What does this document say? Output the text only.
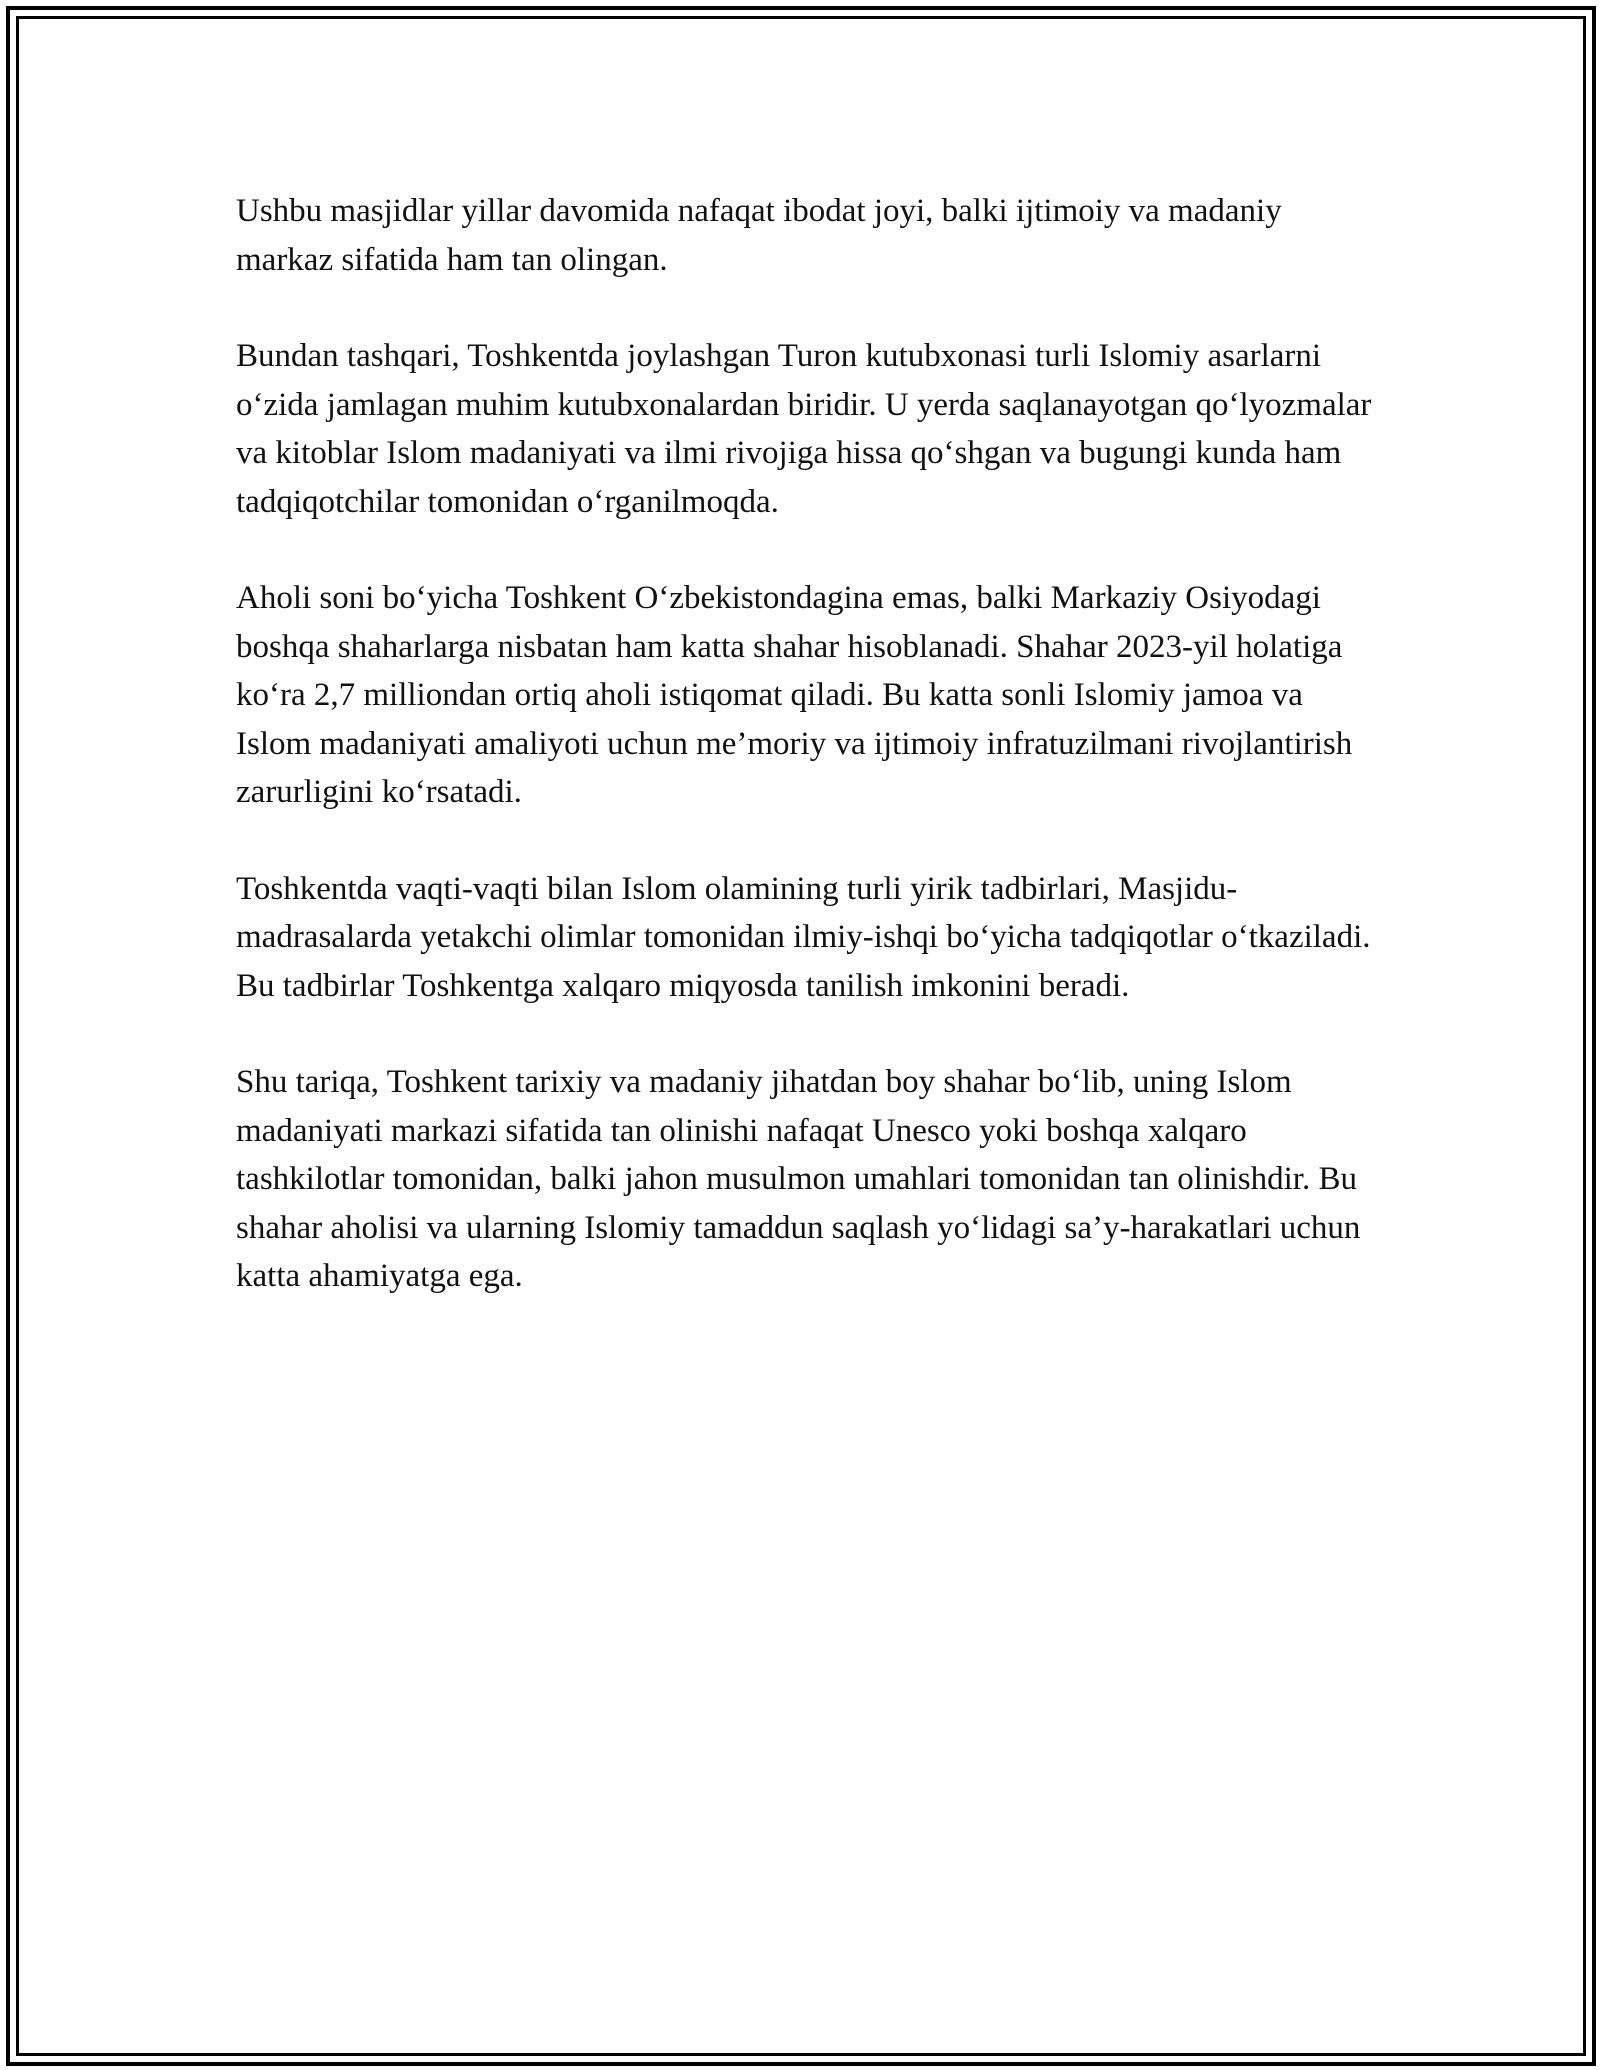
Ushbu masjidlar yillar davomida nafaqat ibodat joyi, balki ijtimoiy va madaniy markaz sifatida ham tan olingan.

Bundan tashqari, Toshkentda joylashgan Turon kutubxonasi turli Islomiy asarlarni o‘zida jamlagan muhim kutubxonalardan biridir. U yerda saqlanayotgan qo‘lyozmalar va kitoblar Islom madaniyati va ilmi rivojiga hissa qo‘shgan va bugungi kunda ham tadqiqotchilar tomonidan o‘rganilmoqda.

Aholi soni bo‘yicha Toshkent O‘zbekistondagina emas, balki Markaziy Osiyodagi boshqa shaharlarga nisbatan ham katta shahar hisoblanadi. Shahar 2023-yil holatiga ko‘ra 2,7 milliondan ortiq aholi istiqomat qiladi. Bu katta sonli Islomiy jamoa va Islom madaniyati amaliyoti uchun me’moriy va ijtimoiy infratuzilmani rivojlantirish zarurligini ko‘rsatadi.

Toshkentda vaqti-vaqti bilan Islom olamining turli yirik tadbirlari, Masjidu-madrasalarda yetakchi olimlar tomonidan ilmiy-ishqi bo‘yicha tadqiqotlar o‘tkaziladi. Bu tadbirlar Toshkentga xalqaro miqyosda tanilish imkonini beradi.

Shu tariqa, Toshkent tarixiy va madaniy jihatdan boy shahar bo‘lib, uning Islom madaniyati markazi sifatida tan olinishi nafaqat Unesco yoki boshqa xalqaro tashkilotlar tomonidan, balki jahon musulmon umahlari tomonidan tan olinishdir. Bu shahar aholisi va ularning Islomiy tamaddun saqlash yo‘lidagi sa’y-harakatlari uchun katta ahamiyatga ega.
